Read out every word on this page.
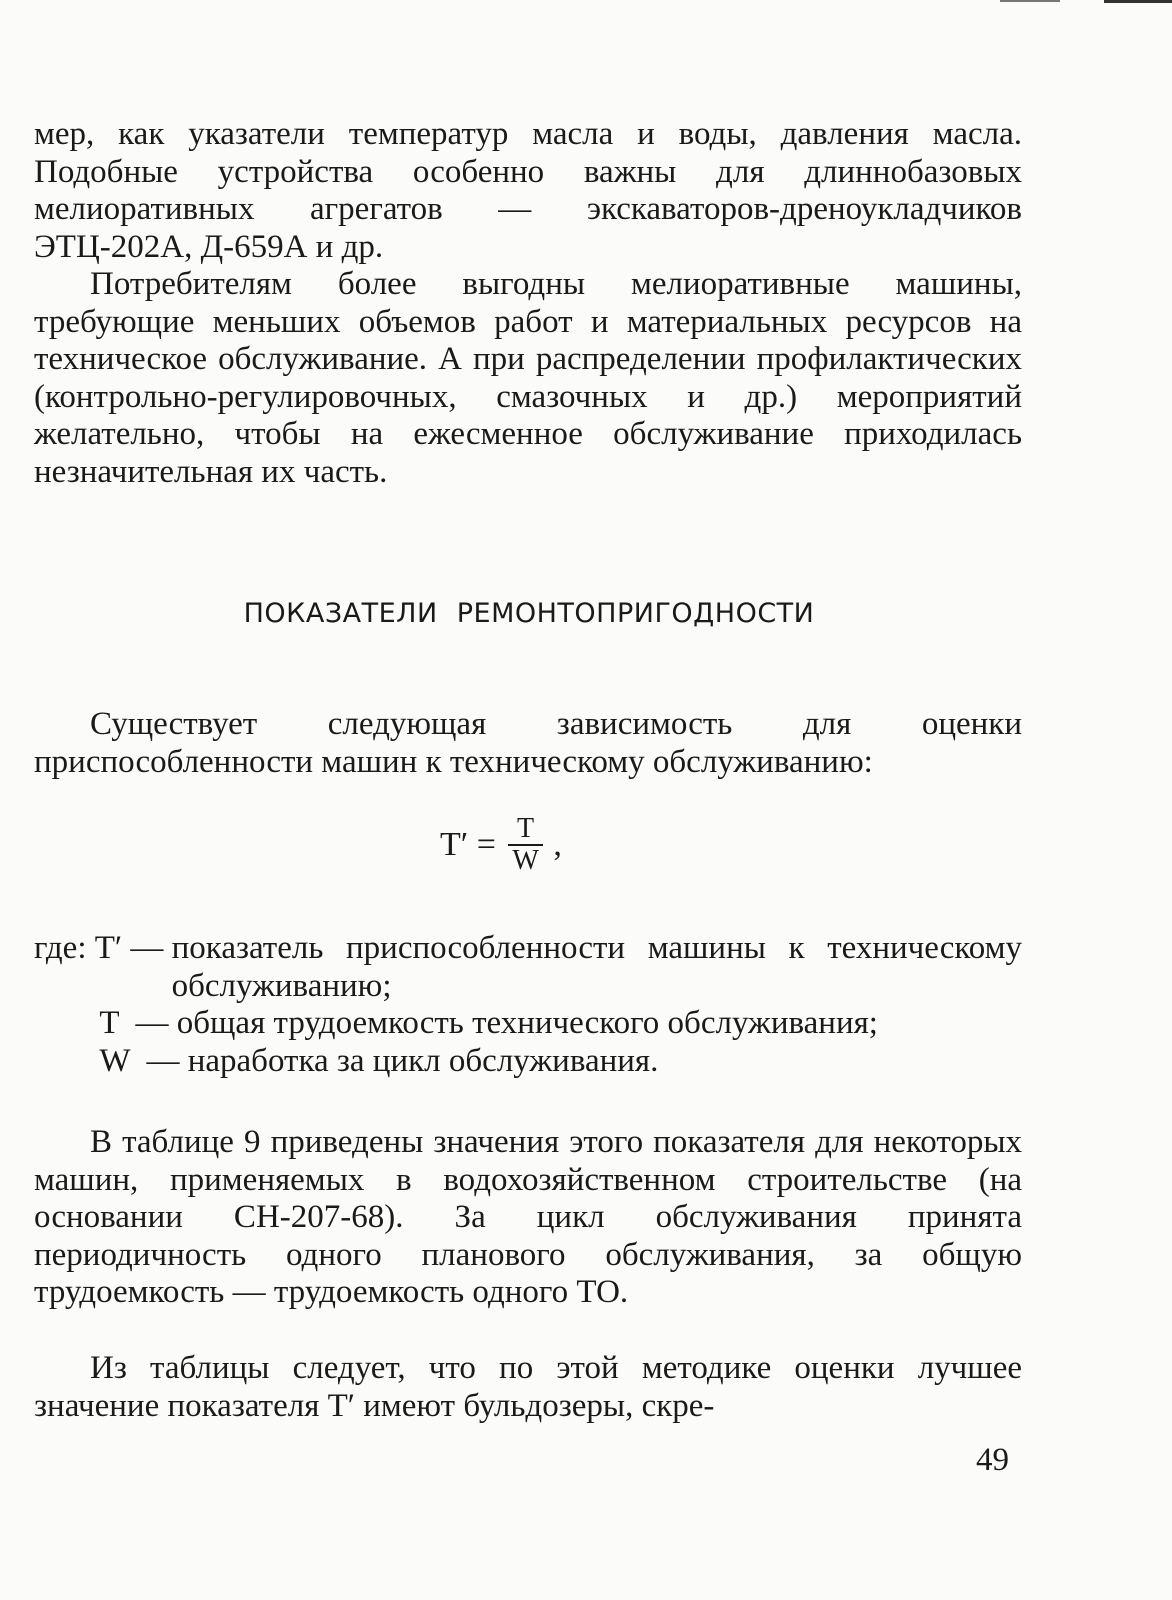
мер, как указатели температур масла и воды, давления масла. Подобные устройства особенно важны для длиннобазовых мелиоративных агрегатов — экскаваторов-дреноукладчиков ЭТЦ-202А, Д-659А и др.

Потребителям более выгодны мелиоративные машины, требующие меньших объемов работ и материальных ресурсов на техническое обслуживание. А при распределении профилактических (контрольно-регулировочных, смазочных и др.) мероприятий желательно, чтобы на ежесменное обслуживание приходилась незначительная их часть.

ПОКАЗАТЕЛИ РЕМОНТОПРИГОДНОСТИ

Существует следующая зависимость для оценки приспособленности машин к техническому обслуживанию:

$T' = \frac{T}{W}$ ,
где: T′ — показатель приспособленности машины к техническому обслуживанию;
T  — общая трудоемкость технического обслуживания;
W  — наработка за цикл обслуживания.

В таблице 9 приведены значения этого показателя для некоторых машин, применяемых в водохозяйственном строительстве (на основании СН-207-68). За цикл обслуживания принята периодичность одного планового обслуживания, за общую трудоемкость — трудоемкость одного ТО.

Из таблицы следует, что по этой методике оценки лучшее значение показателя T′ имеют бульдозеры, скре-

49
